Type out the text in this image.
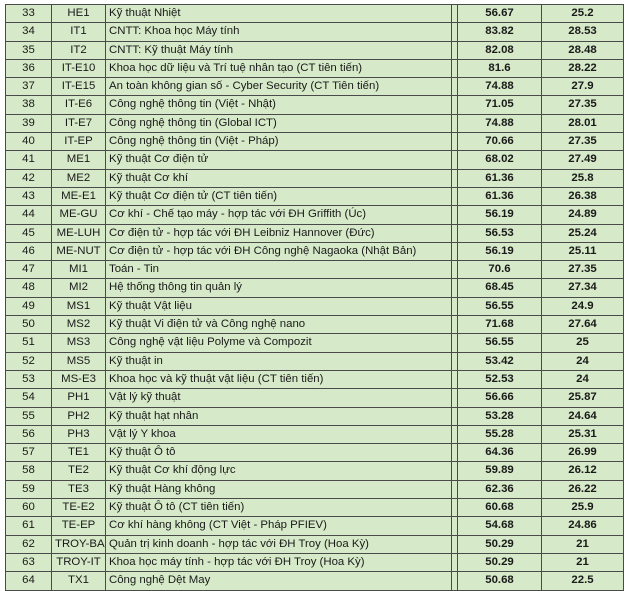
33	HE1	Kỹ thuật Nhiệt		56.67	25.2
34	IT1	CNTT: Khoa học Máy tính		83.82	28.53
35	IT2	CNTT: Kỹ thuật Máy tính		82.08	28.48
36	IT-E10	Khoa học dữ liệu và Trí tuệ nhân tạo (CT tiên tiến)		81.6	28.22
37	IT-E15	An toàn không gian số - Cyber Security (CT Tiên tiến)		74.88	27.9
38	IT-E6	Công nghệ thông tin (Việt - Nhật)		71.05	27.35
39	IT-E7	Công nghệ thông tin (Global ICT)		74.88	28.01
40	IT-EP	Công nghệ thông tin (Việt - Pháp)		70.66	27.35
41	ME1	Kỹ thuật Cơ điện tử		68.02	27.49
42	ME2	Kỹ thuật Cơ khí		61.36	25.8
43	ME-E1	Kỹ thuật Cơ điện tử (CT tiên tiến)		61.36	26.38
44	ME-GU	Cơ khí - Chế tạo máy - hợp tác với ĐH Griffith (Úc)		56.19	24.89
45	ME-LUH	Cơ điện tử - hợp tác với ĐH Leibniz Hannover (Đức)		56.53	25.24
46	ME-NUT	Cơ điện tử - hợp tác với ĐH Công nghệ Nagaoka (Nhật Bản)		56.19	25.11
47	MI1	Toán - Tin		70.6	27.35
48	MI2	Hệ thống thông tin quản lý		68.45	27.34
49	MS1	Kỹ thuật Vật liệu		56.55	24.9
50	MS2	Kỹ thuật Vi điện tử và Công nghệ nano		71.68	27.64
51	MS3	Công nghệ vật liệu Polyme và Compozit		56.55	25
52	MS5	Kỹ thuật in		53.42	24
53	MS-E3	Khoa học và kỹ thuật vật liệu (CT tiên tiến)		52.53	24
54	PH1	Vật lý kỹ thuật		56.66	25.87
55	PH2	Kỹ thuật hạt nhân		53.28	24.64
56	PH3	Vật lý Y khoa		55.28	25.31
57	TE1	Kỹ thuật Ô tô		64.36	26.99
58	TE2	Kỹ thuật Cơ khí động lực		59.89	26.12
59	TE3	Kỹ thuật Hàng không		62.36	26.22
60	TE-E2	Kỹ thuật Ô tô (CT tiên tiến)		60.68	25.9
61	TE-EP	Cơ khí hàng không (CT Việt - Pháp PFIEV)		54.68	24.86
62	TROY-BA	Quản trị kinh doanh - hợp tác với ĐH Troy (Hoa Kỳ)		50.29	21
63	TROY-IT	Khoa học máy tính - hợp tác với ĐH Troy (Hoa Kỳ)		50.29	21
64	TX1	Công nghệ Dệt May		50.68	22.5
